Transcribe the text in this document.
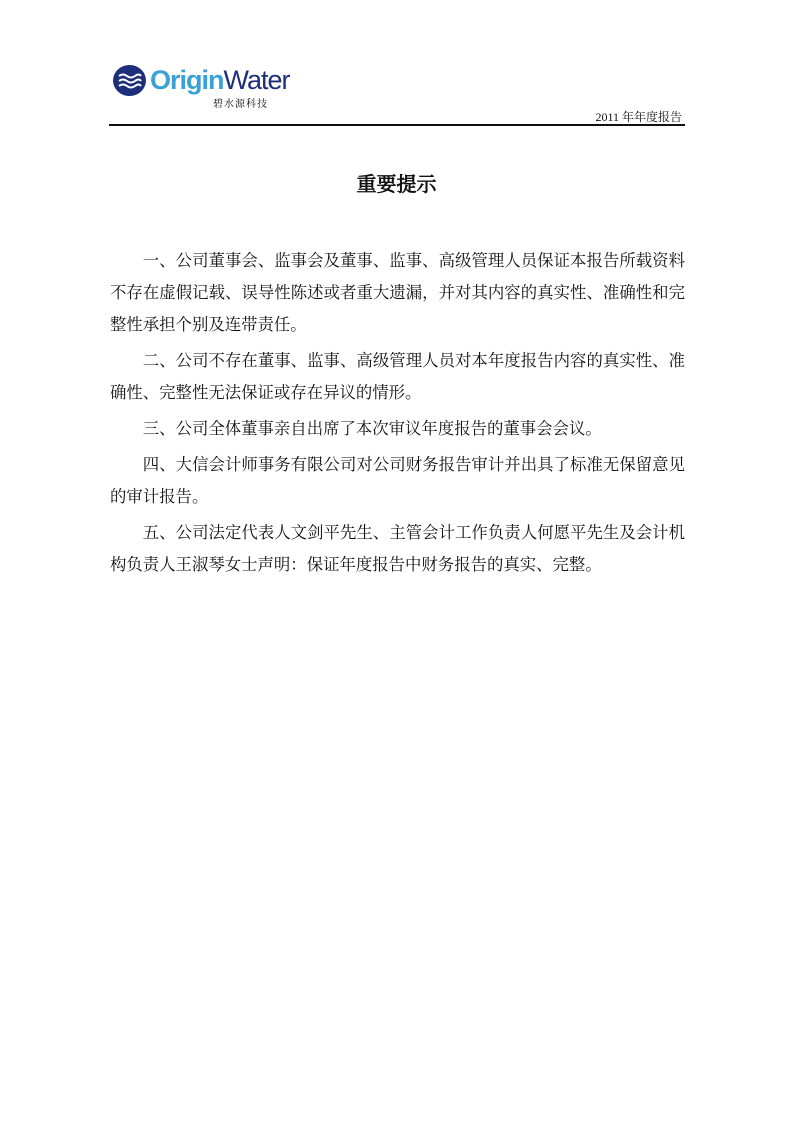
OriginWater
碧水源科技
2011 年年度报告
重要提示

一、公司董事会、监事会及董事、监事、高级管理人员保证本报告所载资料不存在虚假记载、误导性陈述或者重大遗漏，并对其内容的真实性、准确性和完整性承担个别及连带责任。

二、公司不存在董事、监事、高级管理人员对本年度报告内容的真实性、准确性、完整性无法保证或存在异议的情形。

三、公司全体董事亲自出席了本次审议年度报告的董事会会议。

四、大信会计师事务有限公司对公司财务报告审计并出具了标准无保留意见的审计报告。

五、公司法定代表人文剑平先生、主管会计工作负责人何愿平先生及会计机构负责人王淑琴女士声明：保证年度报告中财务报告的真实、完整。
